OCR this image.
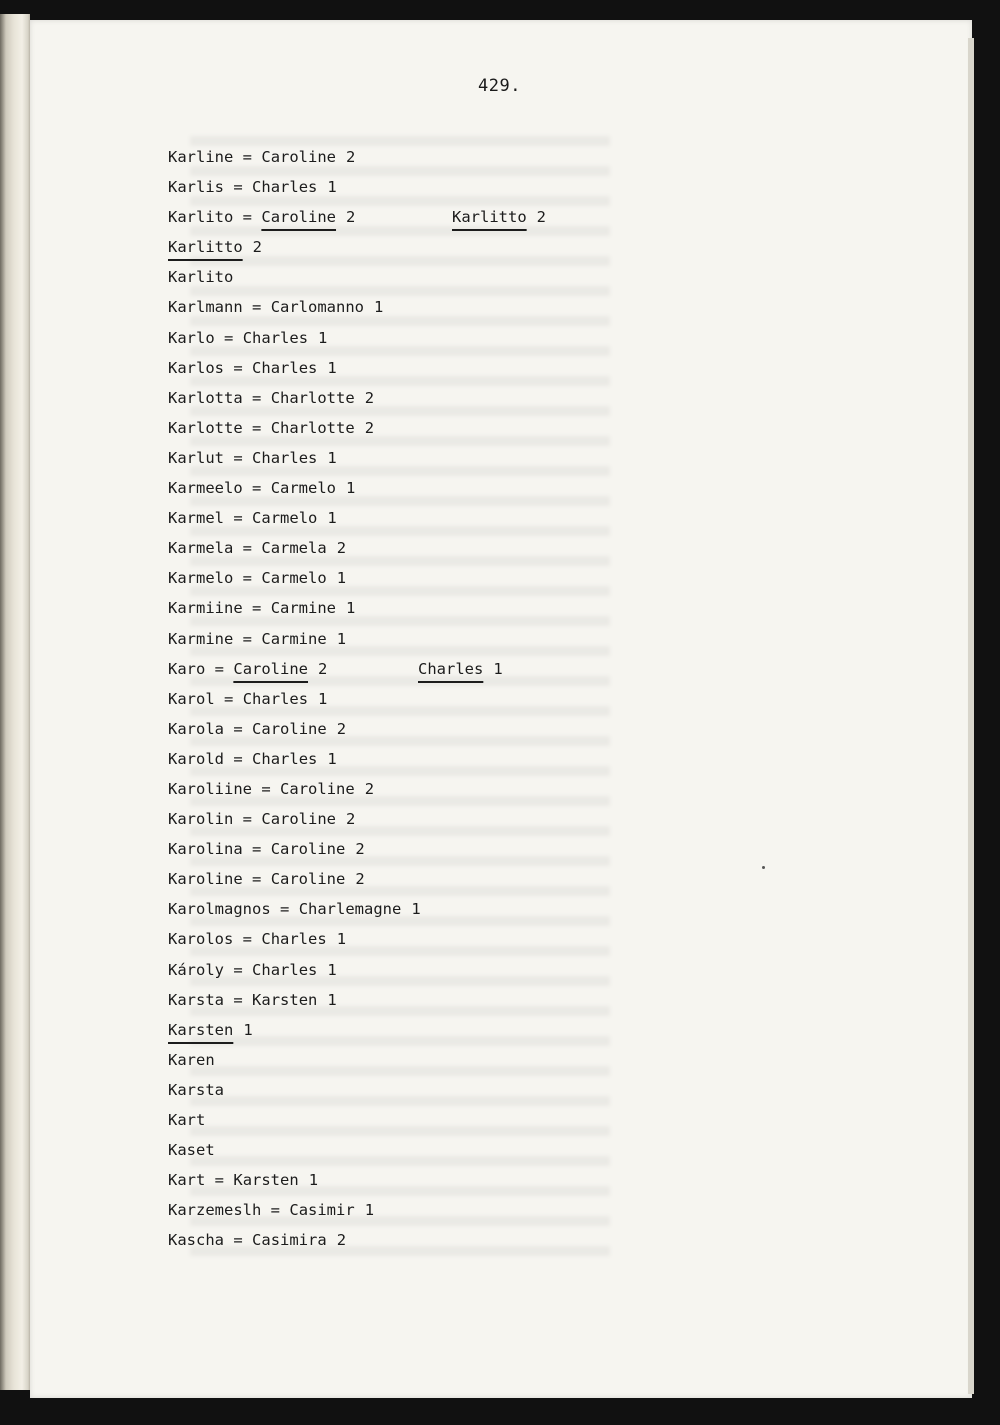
429.
Karline = Caroline 2
Karlis = Charles 1
Karlito = Caroline 2	Karlitto 2
Karlitto 2
Karlito
Karlmann = Carlomanno 1
Karlo = Charles 1
Karlos = Charles 1
Karlotta = Charlotte 2
Karlotte = Charlotte 2
Karlut = Charles 1
Karmeelo = Carmelo 1
Karmel = Carmelo 1
Karmela = Carmela 2
Karmelo = Carmelo 1
Karmiine = Carmine 1
Karmine = Carmine 1
Karo = Caroline 2	Charles 1
Karol = Charles 1
Karola = Caroline 2
Karold = Charles 1
Karoliine = Caroline 2
Karolin = Caroline 2
Karolina = Caroline 2
Karoline = Caroline 2
Karolmagnos = Charlemagne 1
Karolos = Charles 1
Károly = Charles 1
Karsta = Karsten 1
Karsten 1
Karen
Karsta
Kart
Kaset
Kart = Karsten 1
Karzemeslh = Casimir 1
Kascha = Casimira 2
